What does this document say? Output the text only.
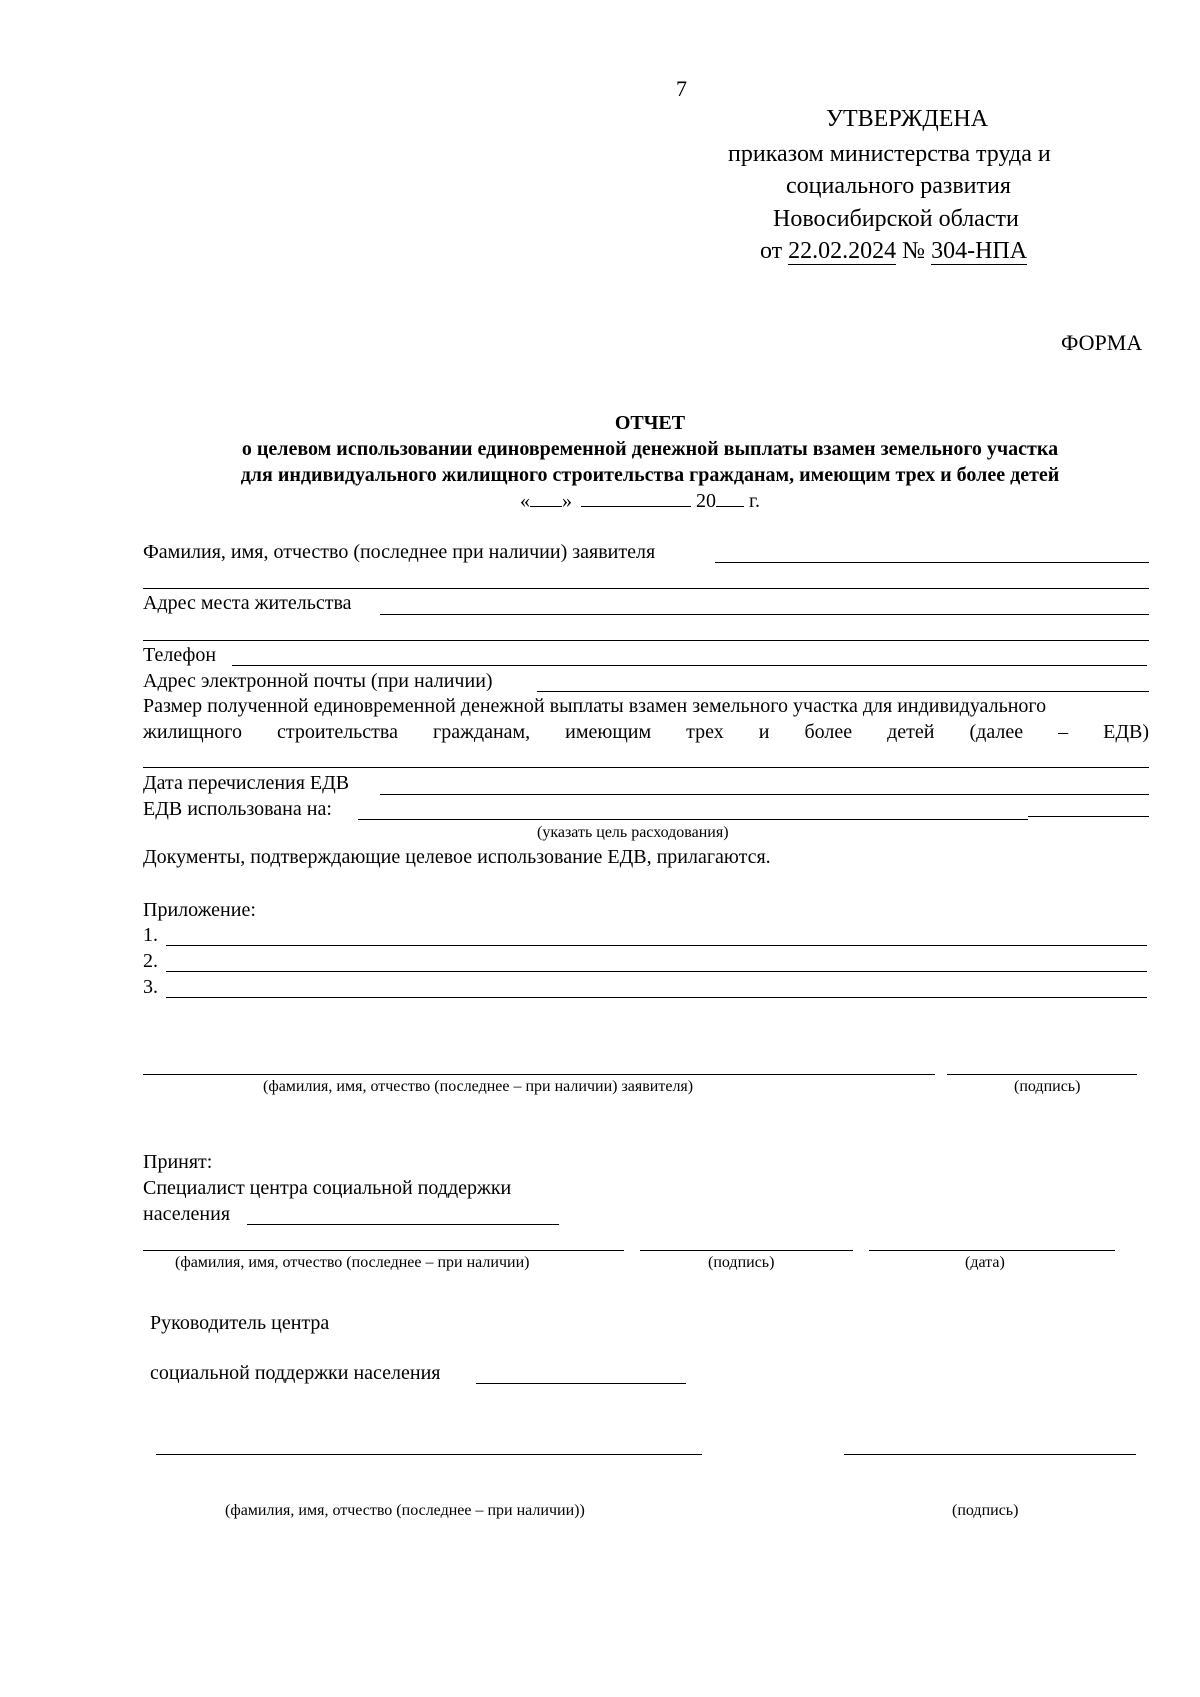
7
УТВЕРЖДЕНА
приказом министерства труда и
социального развития
Новосибирской области
от 22.02.2024 № 304-НПА
ФОРМА
ОТЧЕТ
о целевом использовании единовременной денежной выплаты взамен земельного участка
для индивидуального жилищного строительства гражданам, имеющим трех и более детей
« »	20 г.
Фамилия, имя, отчество (последнее при наличии) заявителя
Адрес места жительства
Телефон
Адрес электронной почты (при наличии)
Размер полученной единовременной денежной выплаты взамен земельного участка для индивидуального
жилищного строительства гражданам, имеющим трех и более детей (далее – ЕДВ)
Дата перечисления ЕДВ
ЕДВ использована на:
(указать цель расходования)
Документы, подтверждающие целевое использование ЕДВ, прилагаются.
Приложение:
1.
2.
3.
(фамилия, имя, отчество (последнее – при наличии) заявителя)	(подпись)
Принят:
Специалист центра социальной поддержки
населения
(фамилия, имя, отчество (последнее – при наличии)	(подпись)	(дата)
Руководитель центра
социальной поддержки населения
(фамилия, имя, отчество (последнее – при наличии))	(подпись)
